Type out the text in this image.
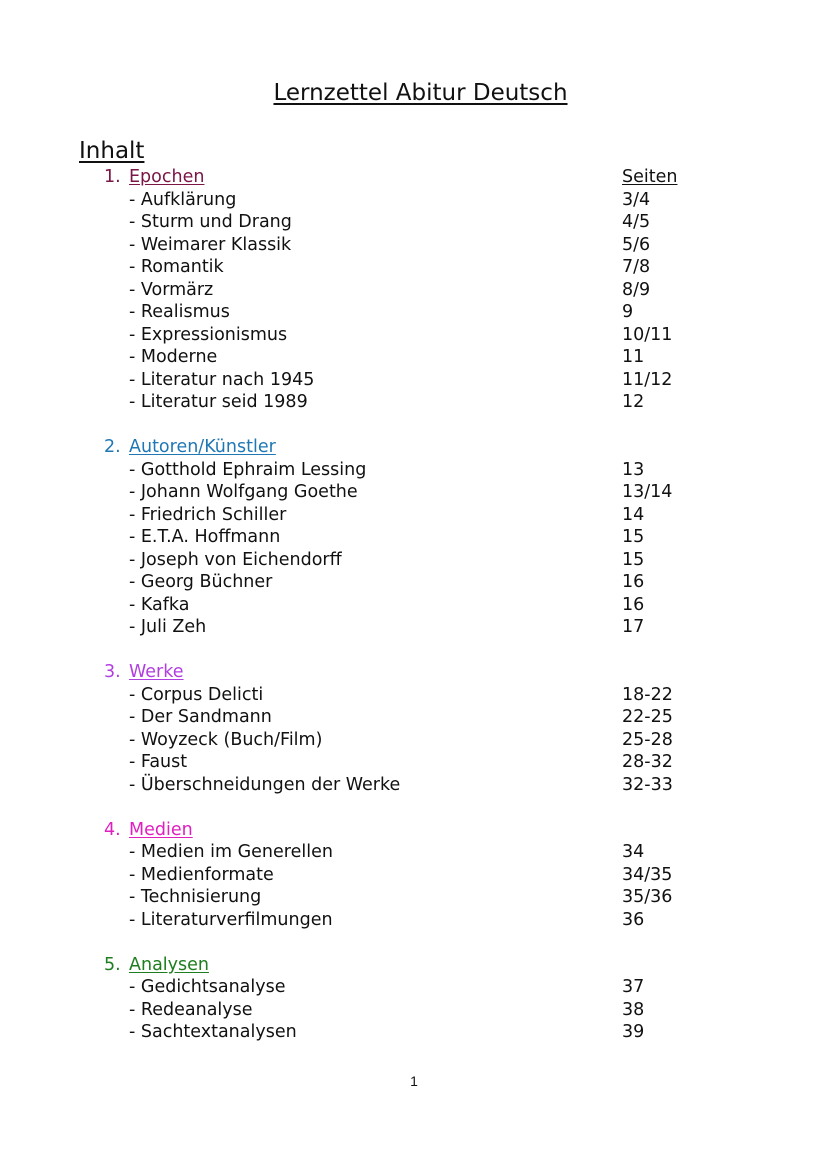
Lernzettel Abitur Deutsch
Inhalt
1. Epochen	Seiten
- Aufklärung	3/4
- Sturm und Drang	4/5
- Weimarer Klassik	5/6
- Romantik	7/8
- Vormärz	8/9
- Realismus	9
- Expressionismus	10/11
- Moderne	11
- Literatur nach 1945	11/12
- Literatur seid 1989	12
2. Autoren/Künstler
- Gotthold Ephraim Lessing	13
- Johann Wolfgang Goethe	13/14
- Friedrich Schiller	14
- E.T.A. Hoffmann	15
- Joseph von Eichendorff	15
- Georg Büchner	16
- Kafka	16
- Juli Zeh	17
3. Werke
- Corpus Delicti	18-22
- Der Sandmann	22-25
- Woyzeck (Buch/Film)	25-28
- Faust	28-32
- Überschneidungen der Werke	32-33
4. Medien
- Medien im Generellen	34
- Medienformate	34/35
- Technisierung	35/36
- Literaturverfilmungen	36
5. Analysen
- Gedichtsanalyse	37
- Redeanalyse	38
- Sachtextanalysen	39
1
